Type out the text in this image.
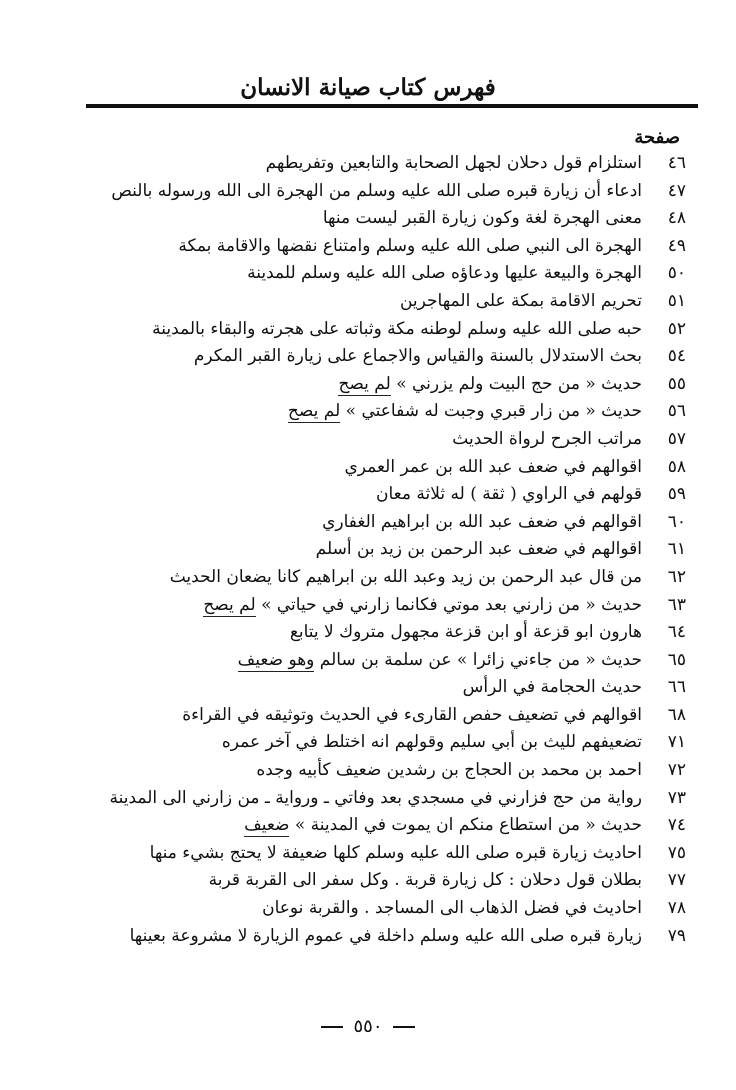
فهرس كتاب صيانة الانسان
صفحة
٤٦
استلزام قول دحلان لجهل الصحابة والتابعين وتفريطهم
٤٧
ادعاء أن زيارة قبره صلى الله عليه وسلم من الهجرة الى الله ورسوله بالنص
٤٨
معنى الهجرة لغة وكون زيارة القبر ليست منها
٤٩
الهجرة الى النبي صلى الله عليه وسلم وامتناع نقضها والاقامة بمكة
٥٠
الهجرة والبيعة عليها ودعاؤه صلى الله عليه وسلم للمدينة
٥١
تحريم الاقامة بمكة على المهاجرين
٥٢
حبه صلى الله عليه وسلم لوطنه مكة وثباته على هجرته والبقاء بالمدينة
٥٤
بحث الاستدلال بالسنة والقياس والاجماع على زيارة القبر المكرم
٥٥
حديث « من حج البيت ولم يزرني » لم يصح
٥٦
حديث « من زار قبري وجبت له شفاعتي » لم يصح
٥٧
مراتب الجرح لرواة الحديث
٥٨
اقوالهم في ضعف عبد الله بن عمر العمري
٥٩
قولهم في الراوي ( ثقة ) له ثلاثة معان
٦٠
اقوالهم في ضعف عبد الله بن ابراهيم الغفاري
٦١
اقوالهم في ضعف عبد الرحمن بن زيد بن أسلم
٦٢
من قال عبد الرحمن بن زيد وعبد الله بن ابراهيم كانا يضعان الحديث
٦٣
حديث « من زارني بعد موتي فكانما زارني في حياتي » لم يصح
٦٤
هارون ابو قزعة أو ابن قزعة مجهول متروك لا يتابع
٦٥
حديث « من جاءني زائرا » عن سلمة بن سالم وهو ضعيف
٦٦
حديث الحجامة في الرأس
٦٨
اقوالهم في تضعيف حفص القارىء في الحديث وتوثيقه في القراءة
٧١
تضعيفهم لليث بن أبي سليم وقولهم انه اختلط في آخر عمره
٧٢
احمد بن محمد بن الحجاج بن رشدين ضعيف كأبيه وجده
٧٣
رواية من حج فزارني في مسجدي بعد وفاتي ـ ورواية ـ من زارني الى المدينة
٧٤
حديث « من استطاع منكم ان يموت في المدينة » ضعيف
٧٥
احاديث زيارة قبره صلى الله عليه وسلم كلها ضعيفة لا يحتج بشيء منها
٧٧
بطلان قول دحلان : كل زيارة قربة . وكل سفر الى القربة قربة
٧٨
احاديث في فضل الذهاب الى المساجد . والقربة نوعان
٧٩
زيارة قبره صلى الله عليه وسلم داخلة في عموم الزيارة لا مشروعة بعينها
٥٥٠
